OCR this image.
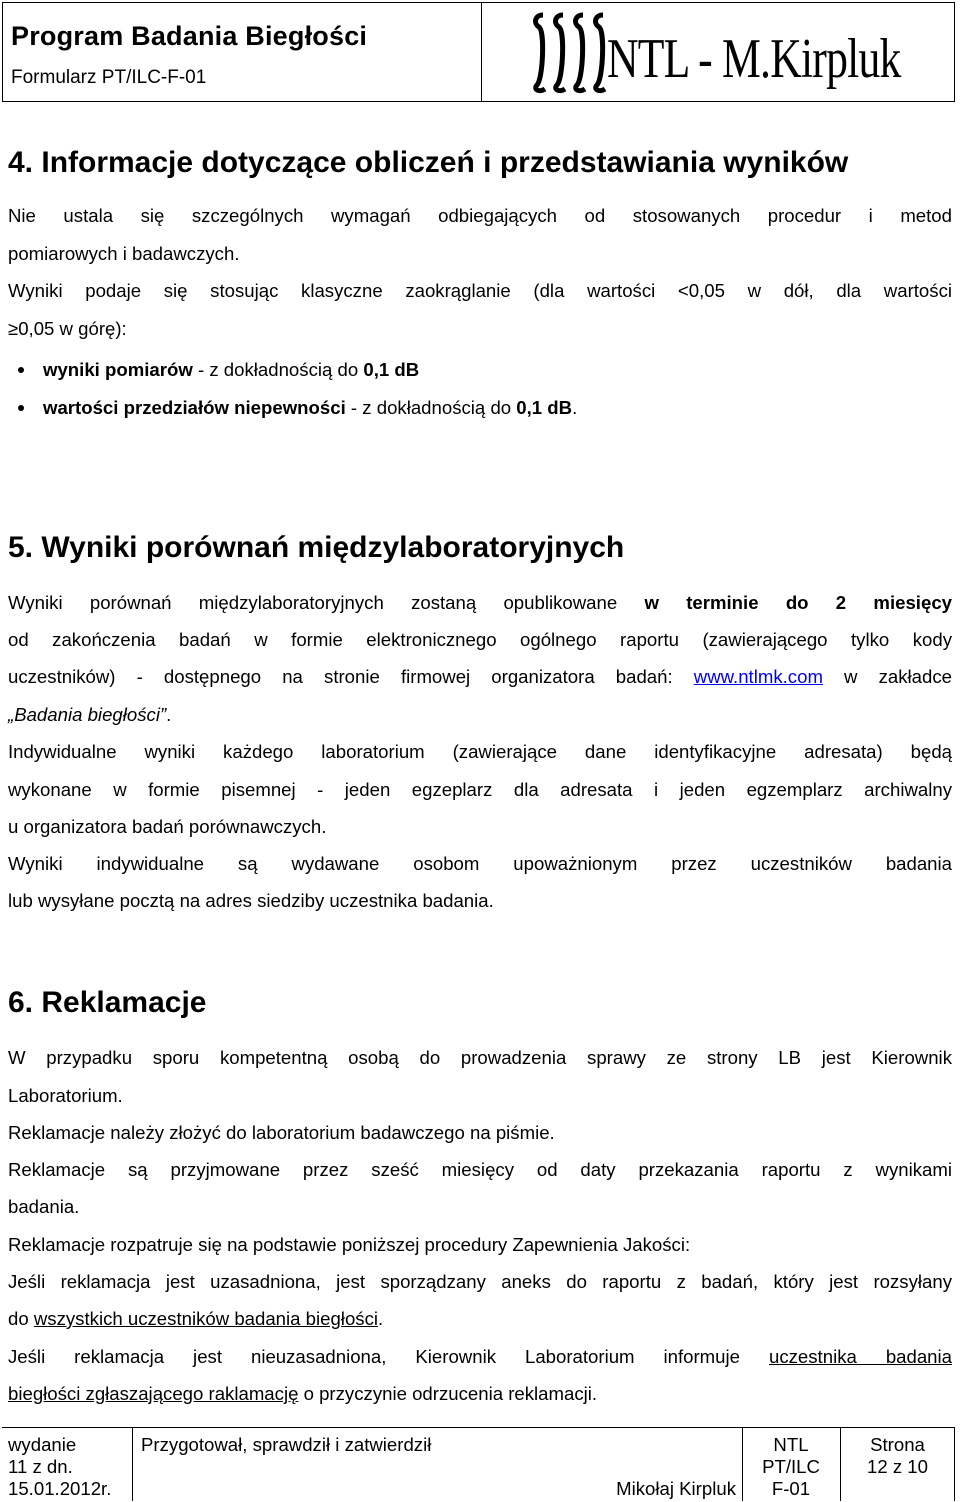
Program Badania Biegłości
Formularz PT/ILC-F-01	NTL - M.Kirpluk
4. Informacje dotyczące obliczeń i przedstawiania wyników
Nie ustala się szczególnych wymagań odbiegających od stosowanych procedur i metod
pomiarowych i badawczych.
Wyniki podaje się stosując klasyczne zaokrąglanie (dla wartości <0,05 w dół, dla wartości
≥0,05 w górę):
wyniki pomiarów - z dokładnością do 0,1 dB
wartości przedziałów niepewności - z dokładnością do 0,1 dB.
5. Wyniki porównań międzylaboratoryjnych
Wyniki porównań międzylaboratoryjnych zostaną opublikowane w terminie do 2 miesięcy
od zakończenia badań w formie elektronicznego ogólnego raportu (zawierającego tylko kody
uczestników) - dostępnego na stronie firmowej organizatora badań: www.ntlmk.com w zakładce
„Badania biegłości”.
Indywidualne wyniki każdego laboratorium (zawierające dane identyfikacyjne adresata) będą
wykonane w formie pisemnej - jeden egzeplarz dla adresata i jeden egzemplarz archiwalny
u organizatora badań porównawczych.
Wyniki indywidualne są wydawane osobom upoważnionym przez uczestników badania
lub wysyłane pocztą na adres siedziby uczestnika badania.
6. Reklamacje
W przypadku sporu kompetentną osobą do prowadzenia sprawy ze strony LB jest Kierownik
Laboratorium.
Reklamacje należy złożyć do laboratorium badawczego na piśmie.
Reklamacje są przyjmowane przez sześć miesięcy od daty przekazania raportu z wynikami
badania.
Reklamacje rozpatruje się na podstawie poniższej procedury Zapewnienia Jakości:
Jeśli reklamacja jest uzasadniona, jest sporządzany aneks do raportu z badań, który jest rozsyłany
do wszystkich uczestników badania biegłości.
Jeśli reklamacja jest nieuzasadniona, Kierownik Laboratorium informuje uczestnika badania
biegłości zgłaszającego raklamację o przyczynie odrzucenia reklamacji.
wydanie
11 z dn.
15.01.2012r.
Przygotował, sprawdził i zatwierdził
Mikołaj Kirpluk
NTL
PT/ILC
F-01
Strona
12 z 10
